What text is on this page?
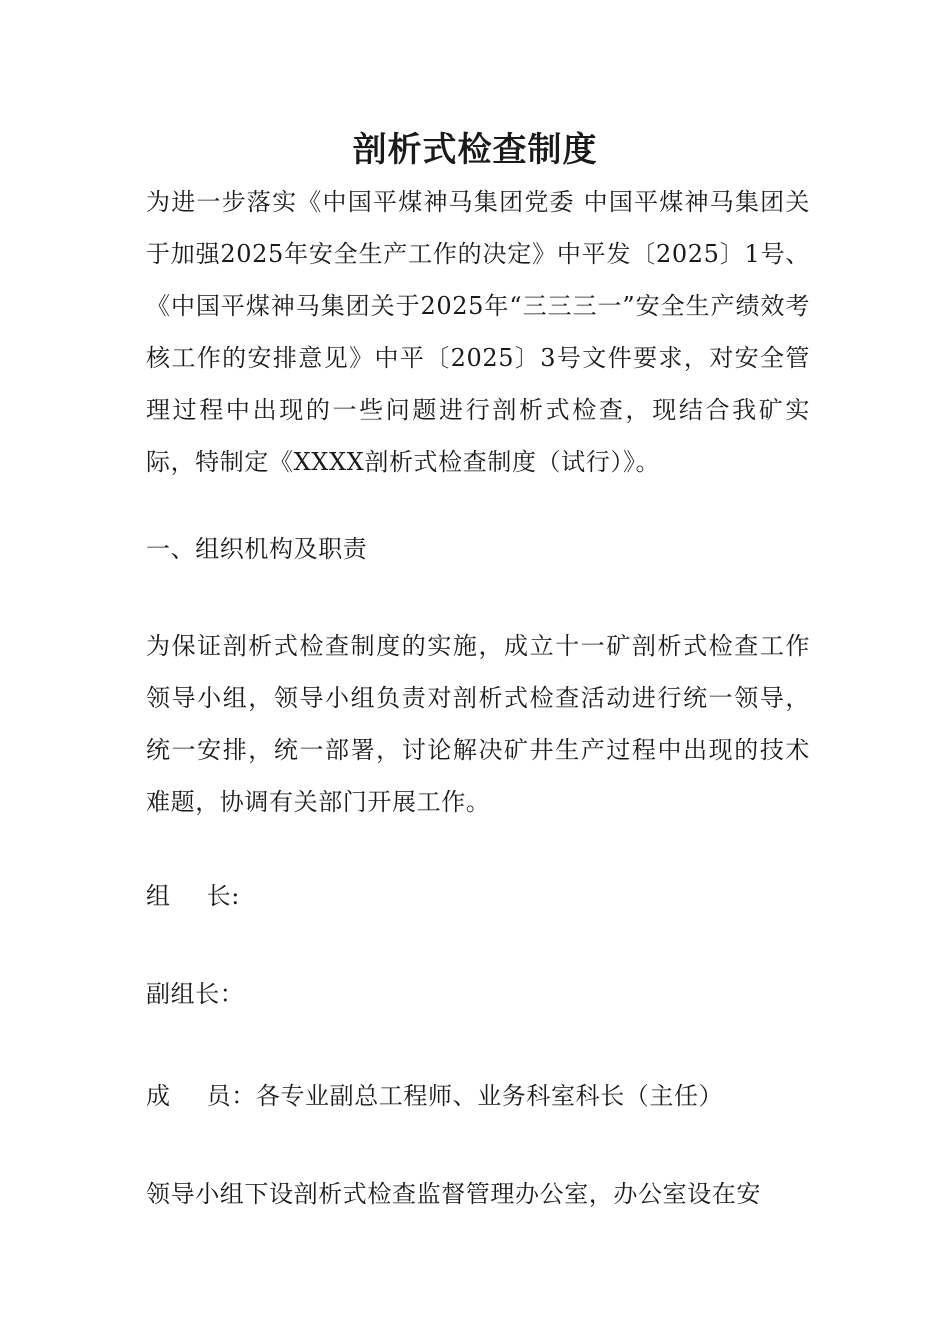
剖析式检查制度

为进一步落实《中国平煤神马集团党委 中国平煤神马集团关于加强2025年安全生产工作的决定》中平发〔2025〕1号、《中国平煤神马集团关于2025年“三三三一”安全生产绩效考核工作的安排意见》中平〔2025〕3号文件要求，对安全管理过程中出现的一些问题进行剖析式检查，现结合我矿实际，特制定《XXXX剖析式检查制度（试行）》。

一、组织机构及职责

为保证剖析式检查制度的实施，成立十一矿剖析式检查工作领导小组，领导小组负责对剖析式检查活动进行统一领导，统一安排，统一部署，讨论解决矿井生产过程中出现的技术难题，协调有关部门开展工作。

组 长:

副组长：

成 员：各专业副总工程师、业务科室科长（主任）

领导小组下设剖析式检查监督管理办公室，办公室设在安
